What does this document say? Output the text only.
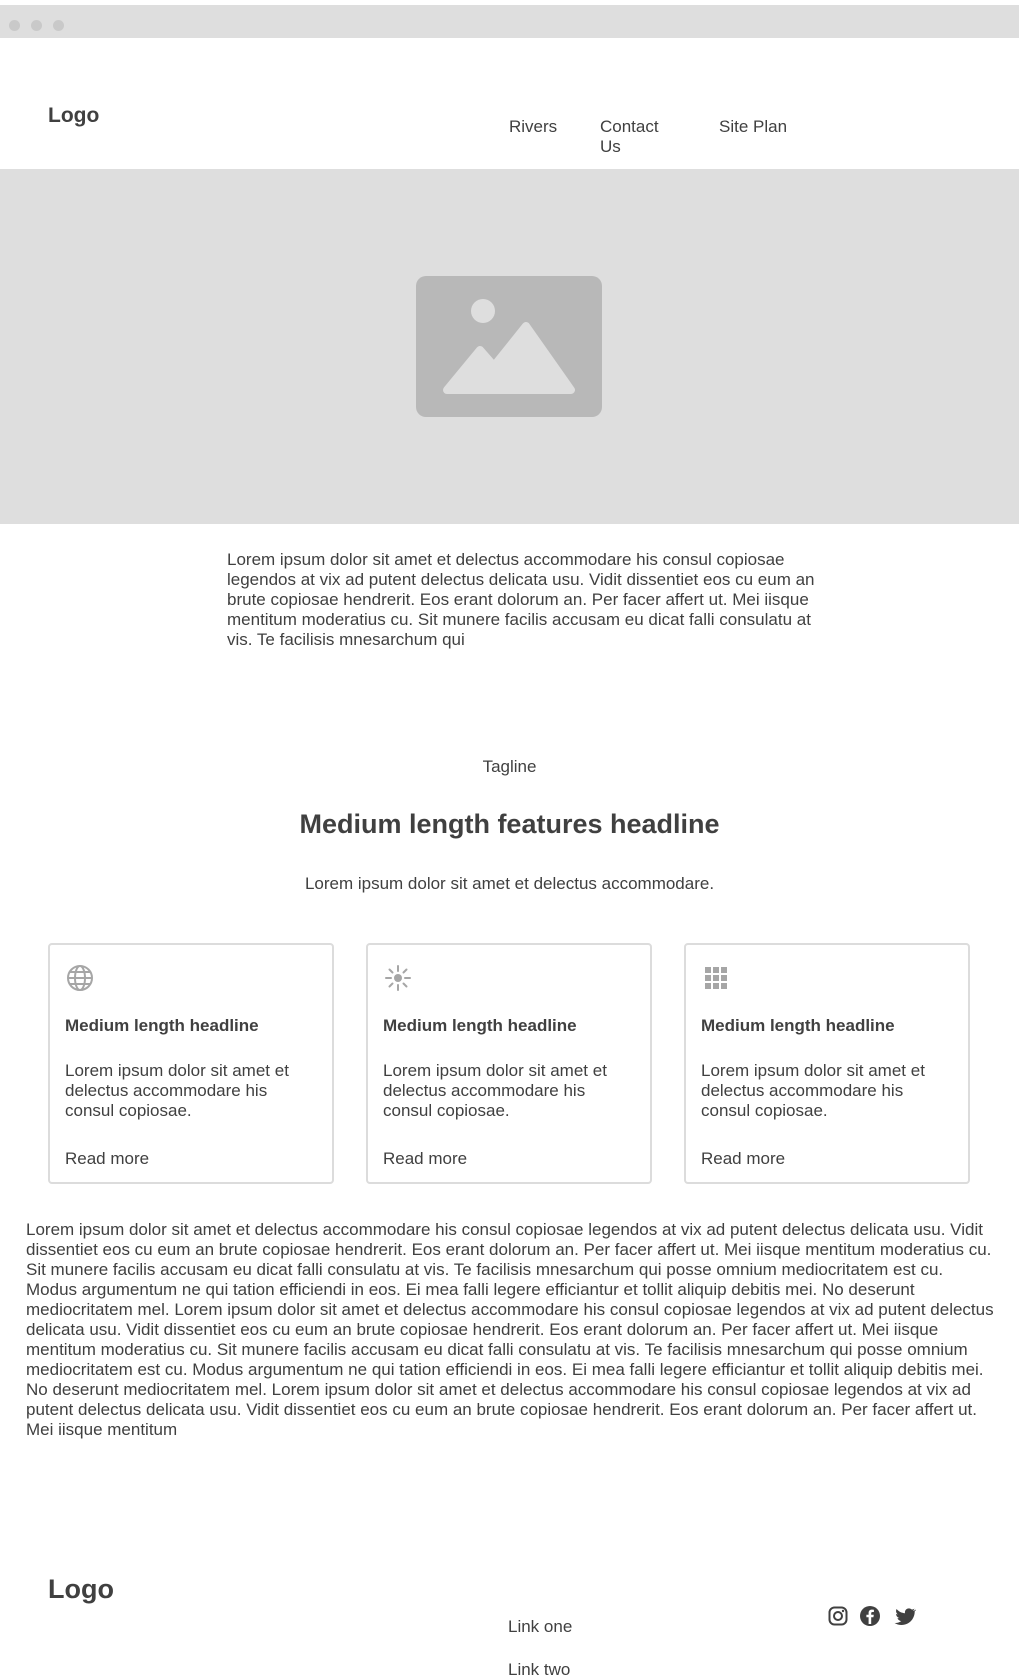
Logo	Rivers	Contact Us
Site Plan

Lorem ipsum dolor sit amet et delectus accommodare his consul copiosae legendos at vix ad putent delectus delicata usu. Vidit dissentiet eos cu eum an brute copiosae hendrerit. Eos erant dolorum an. Per facer affert ut. Mei iisque mentitum moderatius cu. Sit munere facilis accusam eu dicat falli consulatu at vis. Te facilisis mnesarchum qui

Tagline
Medium length features headline
Lorem ipsum dolor sit amet et delectus accommodare.
Medium length headline

Lorem ipsum dolor sit amet et delectus accommodare his consul copiosae.

Read more
Medium length headline

Lorem ipsum dolor sit amet et delectus accommodare his consul copiosae.

Read more
Medium length headline

Lorem ipsum dolor sit amet et delectus accommodare his consul copiosae.

Read more

Lorem ipsum dolor sit amet et delectus accommodare his consul copiosae legendos at vix ad putent delectus delicata usu. Vidit dissentiet eos cu eum an brute copiosae hendrerit. Eos erant dolorum an. Per facer affert ut. Mei iisque mentitum moderatius cu. Sit munere facilis accusam eu dicat falli consulatu at vis. Te facilisis mnesarchum qui posse omnium mediocritatem est cu. Modus argumentum ne qui tation efficiendi in eos. Ei mea falli legere efficiantur et tollit aliquip debitis mei. No deserunt mediocritatem mel. Lorem ipsum dolor sit amet et delectus accommodare his consul copiosae legendos at vix ad putent delectus delicata usu. Vidit dissentiet eos cu eum an brute copiosae hendrerit. Eos erant dolorum an. Per facer affert ut. Mei iisque mentitum moderatius cu. Sit munere facilis accusam eu dicat falli consulatu at vis. Te facilisis mnesarchum qui posse omnium mediocritatem est cu. Modus argumentum ne qui tation efficiendi in eos. Ei mea falli legere efficiantur et tollit aliquip debitis mei. No deserunt mediocritatem mel. Lorem ipsum dolor sit amet et delectus accommodare his consul copiosae legendos at vix ad putent delectus delicata usu. Vidit dissentiet eos cu eum an brute copiosae hendrerit. Eos erant dolorum an. Per facer affert ut. Mei iisque mentitum

Logo
Link one
Link two
